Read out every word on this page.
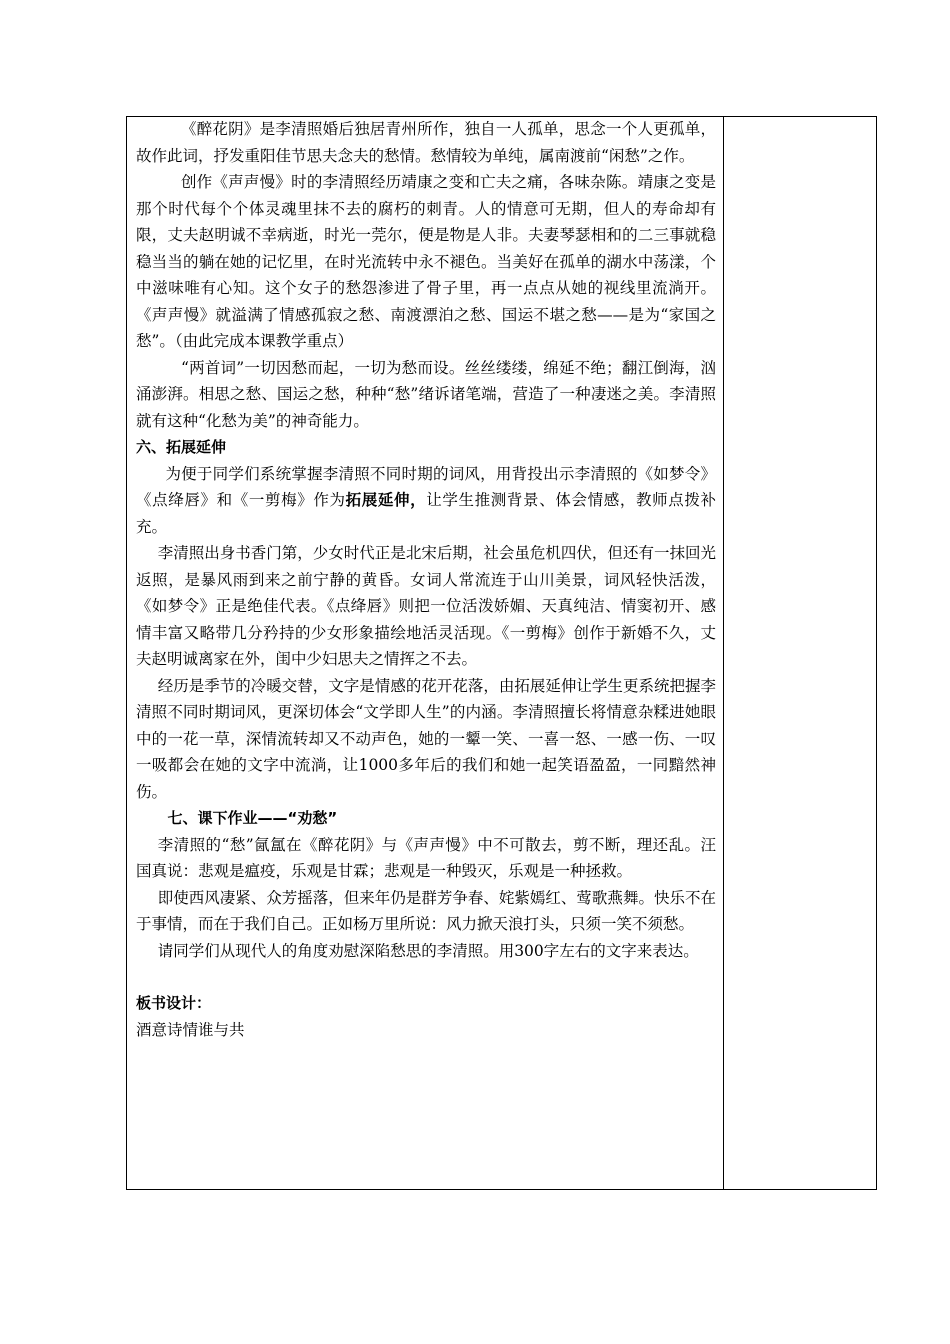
《醉花阴》是李清照婚后独居青州所作，独自一人孤单，思念一个人更孤单，故作此词，抒发重阳佳节思夫念夫的愁情。愁情较为单纯，属南渡前“闲愁”之作。

创作《声声慢》时的李清照经历靖康之变和亡夫之痛，各味杂陈。靖康之变是那个时代每个个体灵魂里抹不去的腐朽的刺青。人的情意可无期，但人的寿命却有限，丈夫赵明诚不幸病逝，时光一莞尔，便是物是人非。夫妻琴瑟相和的二三事就稳稳当当的躺在她的记忆里，在时光流转中永不褪色。当美好在孤单的湖水中荡漾，个中滋味唯有心知。这个女子的愁怨渗进了骨子里，再一点点从她的视线里流淌开。《声声慢》就溢满了情感孤寂之愁、南渡漂泊之愁、国运不堪之愁——是为“家国之愁”。（由此完成本课教学重点）

“两首词”一切因愁而起，一切为愁而设。丝丝缕缕，绵延不绝；翻江倒海，汹涌澎湃。相思之愁、国运之愁，种种“愁”绪诉诸笔端，营造了一种凄迷之美。李清照就有这种“化愁为美”的神奇能力。

六、拓展延伸

为便于同学们系统掌握李清照不同时期的词风，用背投出示李清照的《如梦令》《点绛唇》和《一剪梅》作为拓展延伸，让学生推测背景、体会情感，教师点拨补充。

李清照出身书香门第，少女时代正是北宋后期，社会虽危机四伏，但还有一抹回光返照，是暴风雨到来之前宁静的黄昏。女词人常流连于山川美景，词风轻快活泼，《如梦令》正是绝佳代表。《点绛唇》则把一位活泼娇媚、天真纯洁、情窦初开、感情丰富又略带几分矜持的少女形象描绘地活灵活现。《一剪梅》创作于新婚不久，丈夫赵明诚离家在外，闺中少妇思夫之情挥之不去。

经历是季节的冷暖交替，文字是情感的花开花落，由拓展延伸让学生更系统把握李清照不同时期词风，更深切体会“文学即人生”的内涵。李清照擅长将情意杂糅进她眼中的一花一草，深情流转却又不动声色，她的一颦一笑、一喜一怒、一感一伤、一叹一吸都会在她的文字中流淌，让1000多年后的我们和她一起笑语盈盈，一同黯然神伤。

七、课下作业——“劝愁”

李清照的“愁”氤氲在《醉花阴》与《声声慢》中不可散去，剪不断，理还乱。汪国真说：悲观是瘟疫，乐观是甘霖；悲观是一种毁灭，乐观是一种拯救。

即使西风凄紧、众芳摇落，但来年仍是群芳争春、姹紫嫣红、莺歌燕舞。快乐不在于事情，而在于我们自己。正如杨万里所说：风力掀天浪打头，只须一笑不须愁。

请同学们从现代人的角度劝慰深陷愁思的李清照。用300字左右的文字来表达。

板书设计：

酒意诗情谁与共
